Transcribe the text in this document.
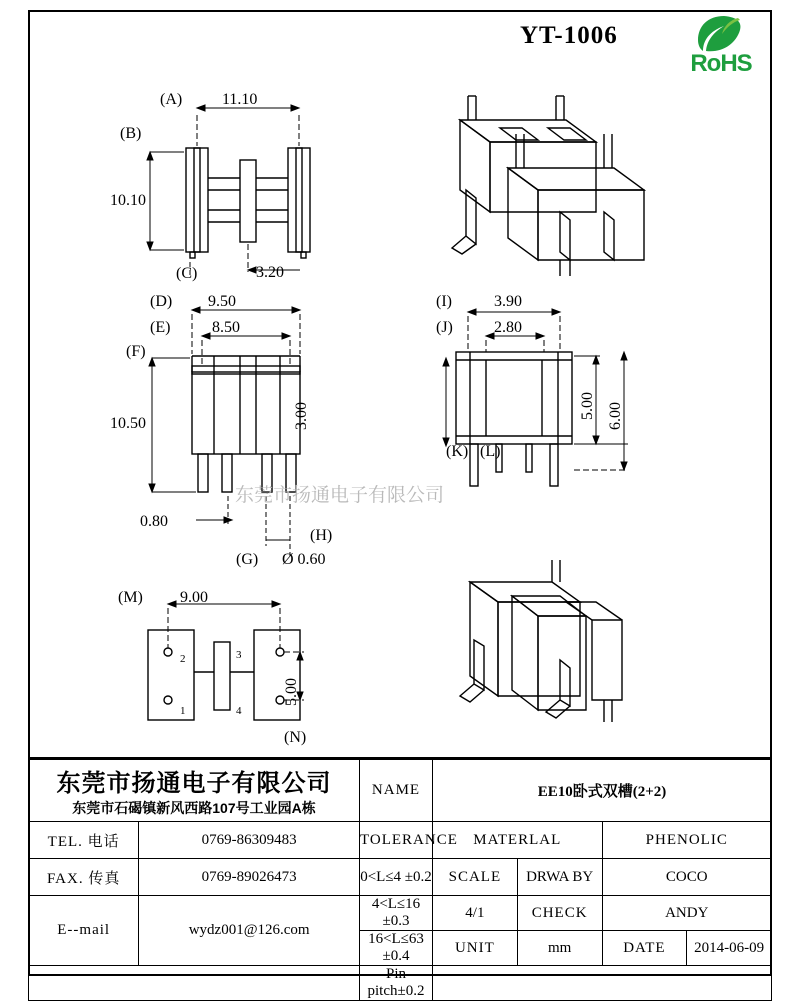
YT-1006
RoHS
11.10
(A)
(B)
10.10
(C)	3.20
(D) 9.50
(E)	8.50
(F)
10.50
0.80
(H)
(G) Ø 0.60
(I)	3.90
(J)	2.80
(K) (L)
(M) 9.00
(N)
2	3
1	4
3.00	5.00 6.00
5.00
东莞市扬通电子有限公司
东莞市扬通电子有限公司
东莞市石碣镇新风西路107号工业园A栋		NAME	EE10卧式双槽(2+2)			
TEL. 电话	0769-86309483	TOLERANCE	MATERLAL		PHENOLIC	
FAX. 传真	0769-89026473	0<L≤4 ±0.2	SCALE	DRWA BY	COCO	
E--mail	wydz001@126.com	4<L≤16 ±0.3	4/1	CHECK	ANDY	
		16<L≤63 ±0.4	UNIT	mm	DATE	2014-06-09
		Pin pitch±0.2				
